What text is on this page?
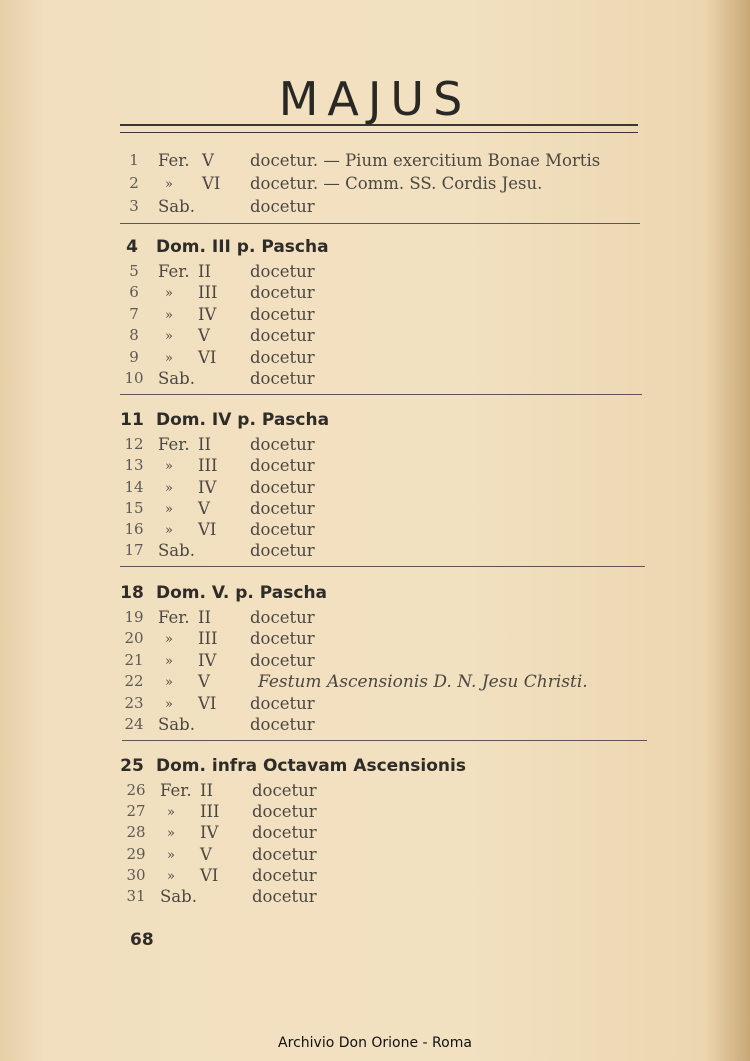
MAJUS
1	Fer. V docetur. — Pium exercitium Bonae Mortis
2	» VI docetur. — Comm. SS. Cordis Jesu.
3	Sab.	docetur
4	Dom. III p. Pascha
5	Fer. II docetur
6	» III docetur
7	» IV docetur
8	» V docetur
9	» VI docetur
10 Sab.	docetur
11 Dom. IV p. Pascha
12 Fer. II docetur
13	» III docetur
14	» IV docetur
15	» V docetur
16	» VI docetur
17 Sab.	docetur
18 Dom. V. p. Pascha
19 Fer. II docetur
20	» III docetur
21	» IV docetur
22	» V	Festum Ascensionis D. N. Jesu Christi.
23	» VI docetur
24 Sab.	docetur
25 Dom. infra Octavam Ascensionis
26 Fer. II docetur
27	» III docetur
28	» IV docetur
29	» V docetur
30	» VI docetur
31 Sab.	docetur
68
Archivio Don Orione - Roma
